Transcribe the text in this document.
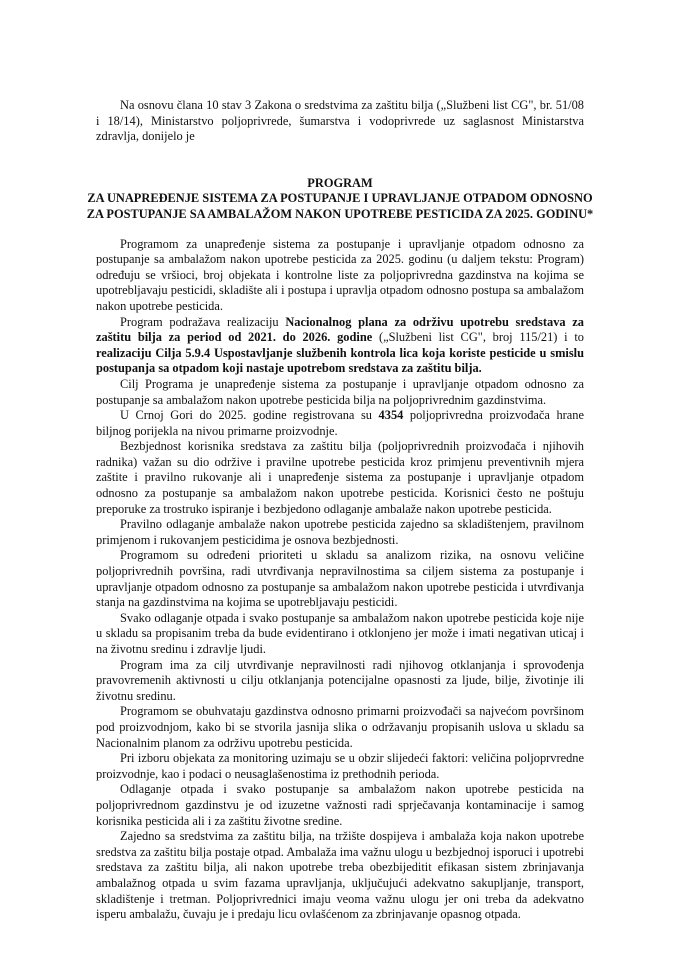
Na osnovu člana 10 stav 3 Zakona o sredstvima za zaštitu bilja („Službeni list CG", br. 51/08 i 18/14), Ministarstvo poljoprivrede, šumarstva i vodoprivrede uz saglasnost Ministarstva zdravlja, donijelo je

PROGRAM
ZA UNAPREĐENJE SISTEMA ZA POSTUPANJE I UPRAVLJANJE OTPADOM ODNOSNO ZA POSTUPANJE SA AMBALAŽOM NAKON UPOTREBE PESTICIDA ZA 2025. GODINU*

Programom za unapređenje sistema za postupanje i upravljanje otpadom odnosno za postupanje sa ambalažom nakon upotrebe pesticida za 2025. godinu (u daljem tekstu: Program) određuju se vršioci, broj objekata i kontrolne liste za poljoprivredna gazdinstva na kojima se upotrebljavaju pesticidi, skladište ali i postupa i upravlja otpadom odnosno postupa sa ambalažom nakon upotrebe pesticida.

Program podražava realizaciju Nacionalnog plana za održivu upotrebu sredstava za zaštitu bilja za period od 2021. do 2026. godine („Službeni list CG", broj 115/21) i to realizaciju Cilja 5.9.4 Uspostavljanje službenih kontrola lica koja koriste pesticide u smislu postupanja sa otpadom koji nastaje upotrebom sredstava za zaštitu bilja.

Cilj Programa je unapređenje sistema za postupanje i upravljanje otpadom odnosno za postupanje sa ambalažom nakon upotrebe pesticida bilja na poljoprivrednim gazdinstvima.

U Crnoj Gori do 2025. godine registrovana su 4354 poljoprivredna proizvođača hrane biljnog porijekla na nivou primarne proizvodnje.

Bezbjednost korisnika sredstava za zaštitu bilja (poljoprivrednih proizvođača i njihovih radnika) važan su dio održive i pravilne upotrebe pesticida kroz primjenu preventivnih mjera zaštite i pravilno rukovanje ali i unapređenje sistema za postupanje i upravljanje otpadom odnosno za postupanje sa ambalažom nakon upotrebe pesticida. Korisnici često ne poštuju preporuke za trostruko ispiranje i bezbjedono odlaganje ambalaže nakon upotrebe pesticida.

Pravilno odlaganje ambalaže nakon upotrebe pesticida zajedno sa skladištenjem, pravilnom primjenom i rukovanjem pesticidima je osnova bezbjednosti.

Programom su određeni prioriteti u skladu sa analizom rizika, na osnovu veličine poljoprivrednih površina, radi utvrđivanja nepravilnostima sa ciljem sistema za postupanje i upravljanje otpadom odnosno za postupanje sa ambalažom nakon upotrebe pesticida i utvrđivanja stanja na gazdinstvima na kojima se upotrebljavaju pesticidi.

Svako odlaganje otpada i svako postupanje sa ambalažom nakon upotrebe pesticida koje nije u skladu sa propisanim treba da bude evidentirano i otklonjeno jer može i imati negativan uticaj i na životnu sredinu i zdravlje ljudi.

Program ima za cilj utvrđivanje nepravilnosti radi njihovog otklanjanja i sprovođenja pravovremenih aktivnosti u cilju otklanjanja potencijalne opasnosti za ljude, bilje, životinje ili životnu sredinu.

Programom se obuhvataju gazdinstva odnosno primarni proizvođači sa najvećom površinom pod proizvodnjom, kako bi se stvorila jasnija slika o održavanju propisanih uslova u skladu sa Nacionalnim planom za održivu upotrebu pesticida.

Pri izboru objekata za monitoring uzimaju se u obzir slijedeći faktori: veličina poljoprvredne proizvodnje, kao i podaci o neusaglašenostima iz prethodnih perioda.

Odlaganje otpada i svako postupanje sa ambalažom nakon upotrebe pesticida na poljoprivrednom gazdinstvu je od izuzetne važnosti radi sprječavanja kontaminacije i samog korisnika pesticida ali i za zaštitu životne sredine.

Zajedno sa sredstvima za zaštitu bilja, na tržište dospijeva i ambalaža koja nakon upotrebe sredstva za zaštitu bilja postaje otpad. Ambalaža ima važnu ulogu u bezbjednoj isporuci i upotrebi sredstava za zaštitu bilja, ali nakon upotrebe treba obezbijeditit efikasan sistem zbrinjavanja ambalažnog otpada u svim fazama upravljanja, uključujući adekvatno sakupljanje, transport, skladištenje i tretman. Poljoprivrednici imaju veoma važnu ulogu jer oni treba da adekvatno isperu ambalažu, čuvaju je i predaju licu ovlašćenom za zbrinjavanje opasnog otpada.
